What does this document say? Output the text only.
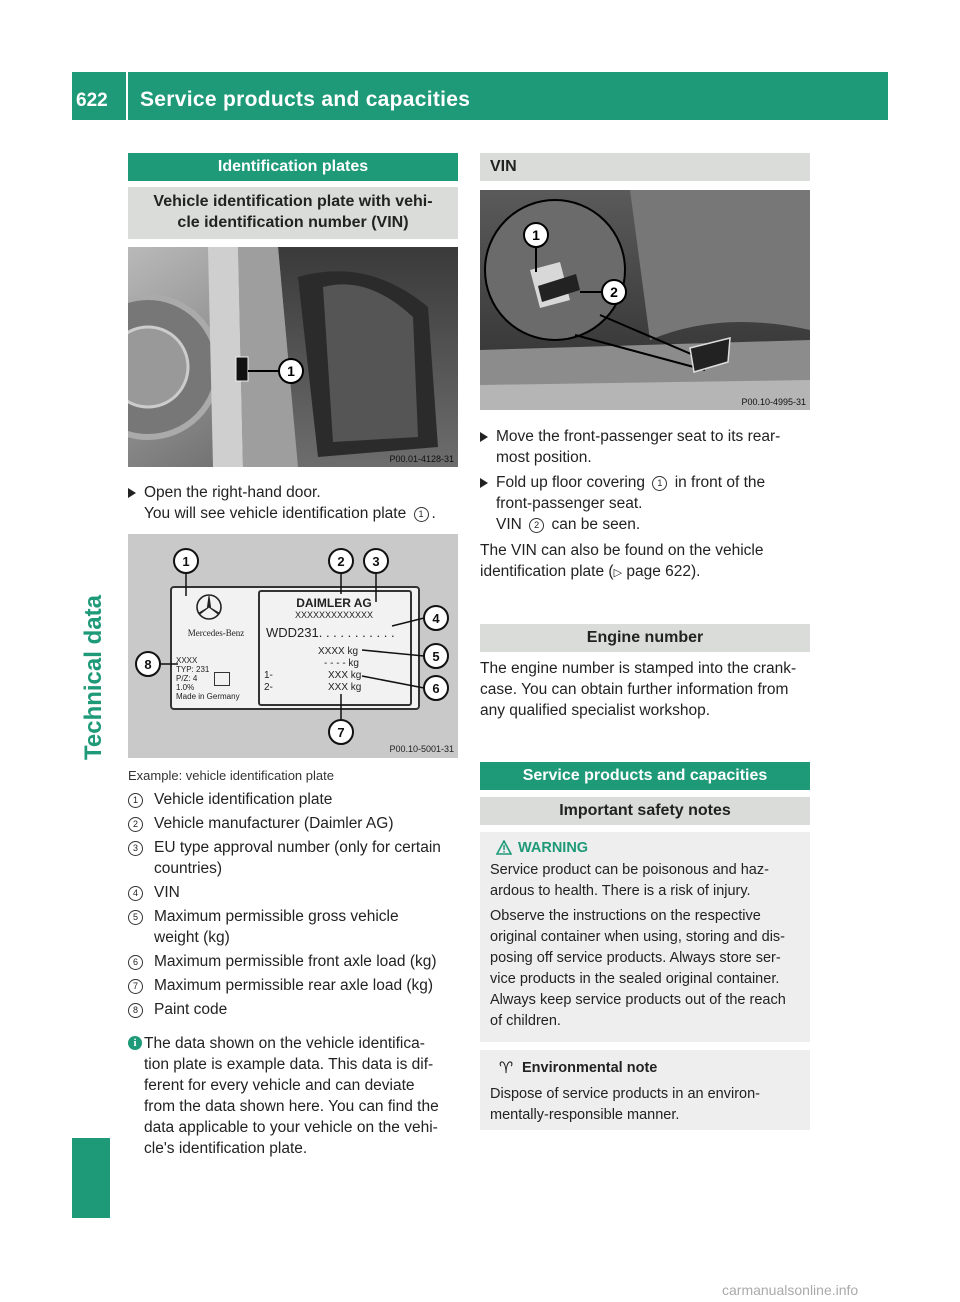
622 Service products and capacities
Technical data
Identification plates
Vehicle identification plate with vehi-
cle identification number (VIN)
1
P00.01-4128-31
Open the right-hand door.
You will see vehicle identification plate 1 .
Mercedes-Benz
DAIMLER AG
XXXXXXXXXXXXX
WDD231. . . . . . . . . . .
XXXX kg
- - - - kg
1-	XXX kg
2-	XXX kg
XXXX
TYP: 231
P/Z: 4
1.0%
Made in Germany
1	2 3
4
5
6
7
8
P00.10-5001-31
Example: vehicle identification plate
1	Vehicle identification plate
2	Vehicle manufacturer (Daimler AG)
3	EU type approval number (only for certain
countries)
4	VIN
5	Maximum permissible gross vehicle
weight (kg)
6	Maximum permissible front axle load (kg)
7	Maximum permissible rear axle load (kg)
8	Paint code
i The data shown on the vehicle identifica-
tion plate is example data. This data is dif-
ferent for every vehicle and can deviate
from the data shown here. You can find the
data applicable to your vehicle on the vehi-
cle's identification plate.
VIN
1
2
P00.10-4995-31
Move the front-passenger seat to its rear-
most position.
Fold up floor covering 1 in front of the
front-passenger seat.
VIN 2 can be seen.
The VIN can also be found on the vehicle
identification plate (▷ page 622).
Engine number
The engine number is stamped into the crank-
case. You can obtain further information from
any qualified specialist workshop.
Service products and capacities
Important safety notes
WARNING
Service product can be poisonous and haz-
ardous to health. There is a risk of injury.
Observe the instructions on the respective
original container when using, storing and dis-
posing off service products. Always store ser-
vice products in the sealed original container.
Always keep service products out of the reach
of children.
♈ Environmental note
Dispose of service products in an environ-
mentally-responsible manner.
carmanualsonline.info
